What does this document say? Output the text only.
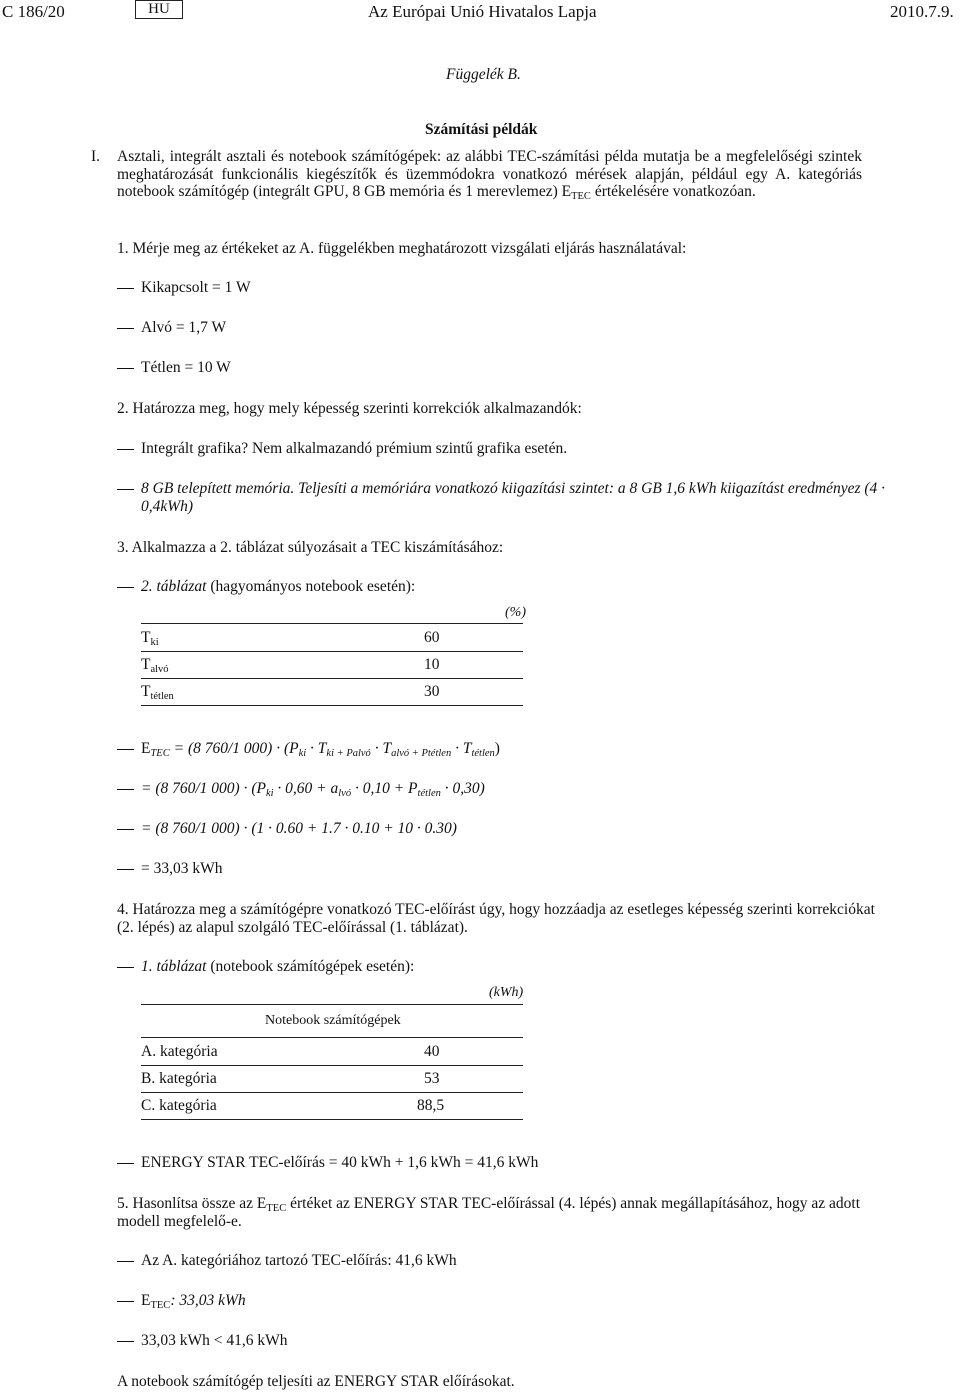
C 186/20	HU	Az Európai Unió Hivatalos Lapja	2010.7.9.
Függelék B.
Számítási példák
I. Asztali, integrált asztali és notebook számítógépek: az alábbi TEC-számítási példa mutatja be a megfelelőségi szintek meghatározását funkcionális kiegészítők és üzemmódokra vonatkozó mérések alapján, például egy A. kategóriás notebook számítógép (integrált GPU, 8 GB memória és 1 merevlemez) $E_{TEC}$ értékelésére vonatkozóan.
1. Mérje meg az értékeket az A. függelékben meghatározott vizsgálati eljárás használatával:
Kikapcsolt = 1 W
Alvó = 1,7 W
Tétlen = 10 W
2. Határozza meg, hogy mely képesség szerinti korrekciók alkalmazandók:
Integrált grafika? Nem alkalmazandó prémium szintű grafika esetén.
8 GB telepített memória. Teljesíti a memóriára vonatkozó kiigazítási szintet: a 8 GB 1,6 kWh kiigazítást eredményez (4 ·
0,4kWh)
3. Alkalmazza a 2. táblázat súlyozásait a TEC kiszámításához:
2. táblázat (hagyományos notebook esetén):
(%)
$T_{ki}$	60
$T_{alvó}$	10
$T_{tétlen}$	30
$E_{TEC} = (8$ 760/1 $000) \cdot (P_{ki} \cdot T_{ki + Palvó} \cdot T_{alvó + Ptétlen} \cdot T_{tétlen})$
= (8 760/1 $000) \cdot (P_{ki} \cdot 0,60 + a_{lvó} \cdot 0,10 + P_{tétlen} \cdot 0,30)$
= (8 760/1 000) · (1 · 0.60 + 1.7 · 0.10 + 10 · 0.30)
= 33,03 kWh
4. Határozza meg a számítógépre vonatkozó TEC-előírást úgy, hogy hozzáadja az esetleges képesség szerinti korrekciókat
(2. lépés) az alapul szolgáló TEC-előírással (1. táblázat).
1. táblázat (notebook számítógépek esetén):
(kWh)
Notebook számítógépek
A. kategória	40
B. kategória	53
C. kategória	88,5
ENERGY STAR TEC-előírás = 40 kWh + 1,6 kWh = 41,6 kWh
5. Hasonlítsa össze az $E_{TEC}$ értéket az ENERGY STAR TEC-előírással (4. lépés) annak megállapításához, hogy az adott
modell megfelelő-e.
Az A. kategóriához tartozó TEC-előírás: 41,6 kWh
$E_{TEC}$: 33,03 kWh
33,03 kWh < 41,6 kWh
A notebook számítógép teljesíti az ENERGY STAR előírásokat.
